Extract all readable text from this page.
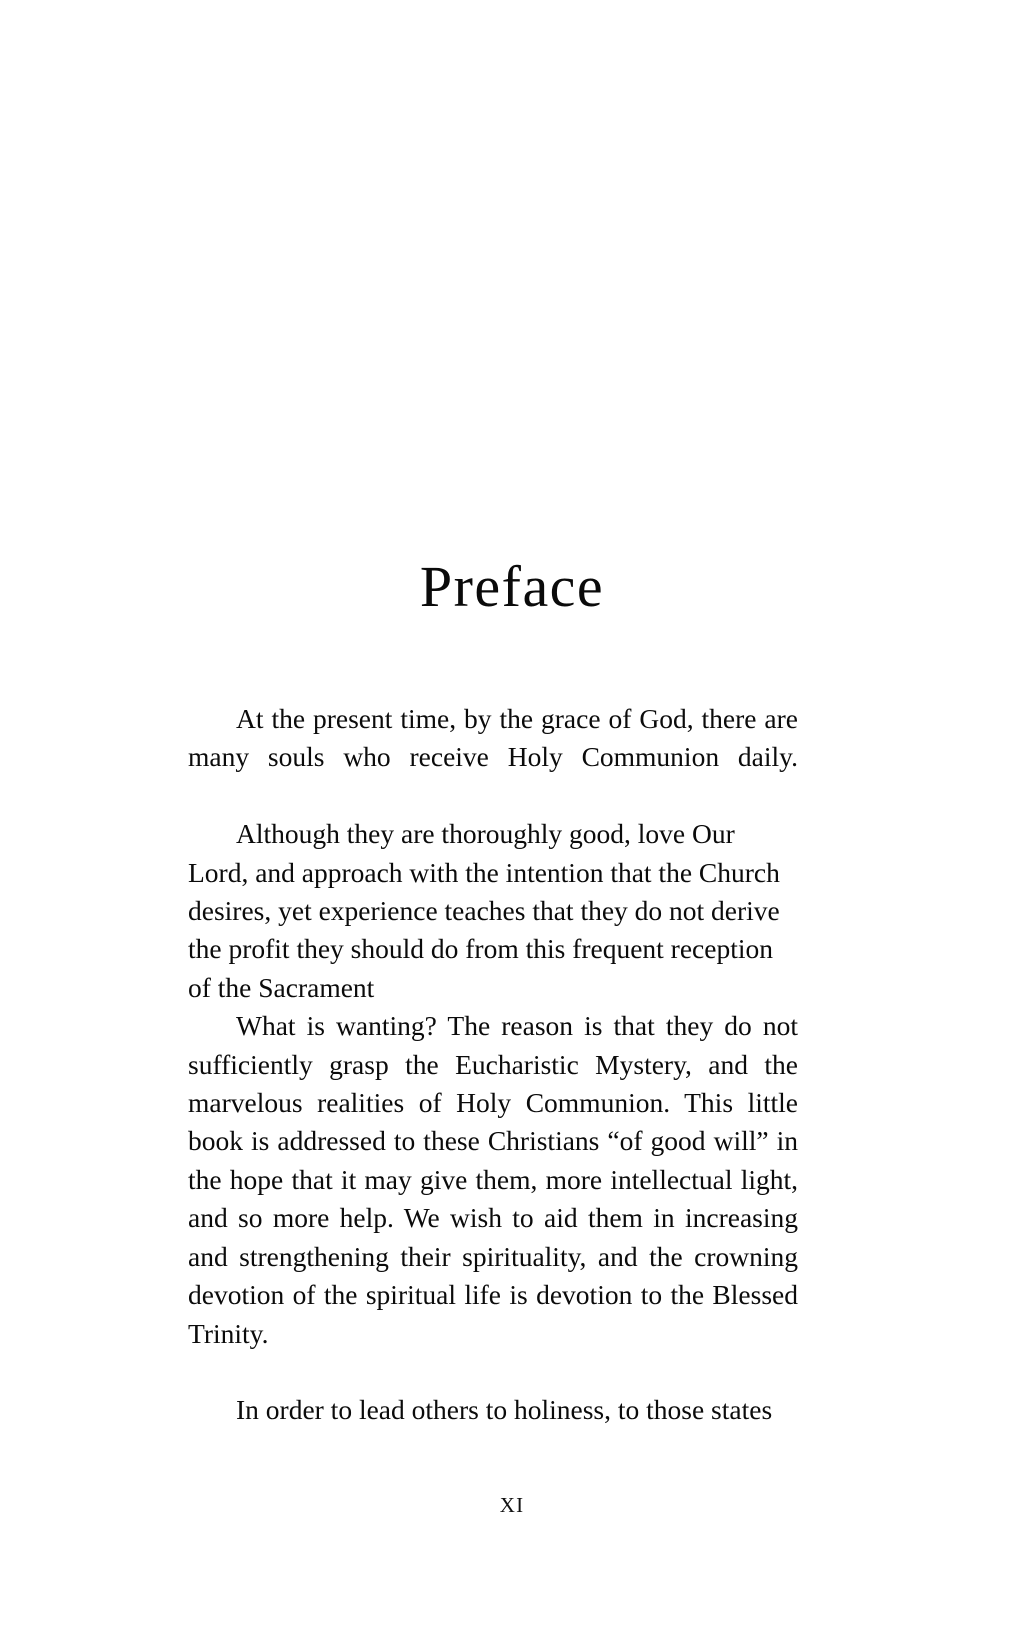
Preface

At the present time, by the grace of God, there are many souls who receive Holy Communion daily.

Although they are thoroughly good, love Our Lord, and approach with the intention that the Church desires, yet experience teaches that they do not derive the profit they should do from this frequent reception of the Sacrament

What is wanting? The reason is that they do not sufficiently grasp the Eucharistic Mystery, and the marvelous realities of Holy Communion. This little book is addressed to these Christians “of good will” in the hope that it may give them, more intellectual light, and so more help. We wish to aid them in increasing and strengthening their spirituality, and the crowning devotion of the spiritual life is devotion to the Blessed Trinity.

In order to lead others to holiness, to those states

XI
